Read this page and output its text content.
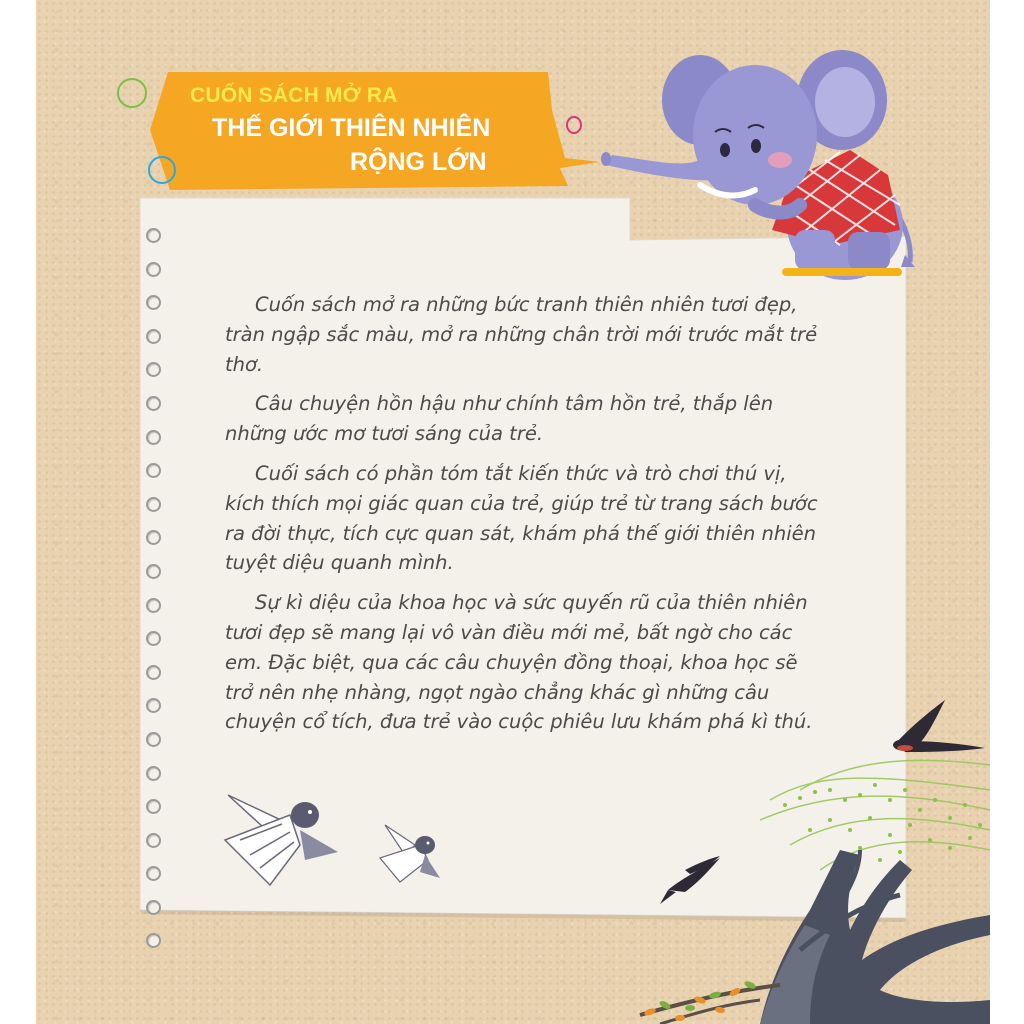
CUỐN SÁCH MỞ RA
THẾ GIỚI THIÊN NHIÊN
RỘNG LỚN

Cuốn sách mở ra những bức tranh thiên nhiên tươi đẹp, tràn ngập sắc màu, mở ra những chân trời mới trước mắt trẻ thơ.

Câu chuyện hồn hậu như chính tâm hồn trẻ, thắp lên những ước mơ tươi sáng của trẻ.

Cuối sách có phần tóm tắt kiến thức và trò chơi thú vị, kích thích mọi giác quan của trẻ, giúp trẻ từ trang sách bước ra đời thực, tích cực quan sát, khám phá thế giới thiên nhiên tuyệt diệu quanh mình.

Sự kì diệu của khoa học và sức quyến rũ của thiên nhiên tươi đẹp sẽ mang lại vô vàn điều mới mẻ, bất ngờ cho các em. Đặc biệt, qua các câu chuyện đồng thoại, khoa học sẽ trở nên nhẹ nhàng, ngọt ngào chẳng khác gì những câu chuyện cổ tích, đưa trẻ vào cuộc phiêu lưu khám phá kì thú.
